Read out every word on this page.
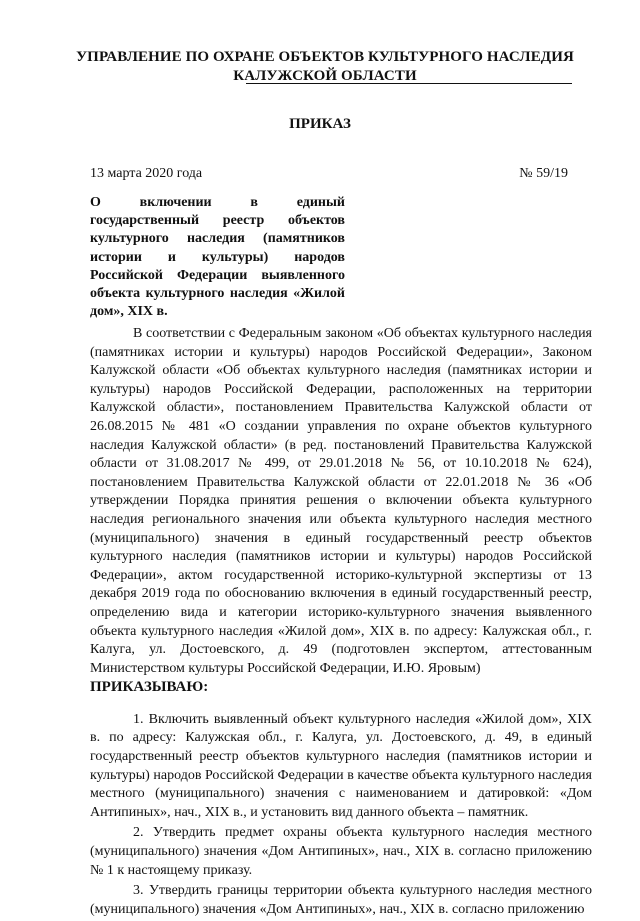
УПРАВЛЕНИЕ ПО ОХРАНЕ ОБЪЕКТОВ КУЛЬТУРНОГО НАСЛЕДИЯ
КАЛУЖСКОЙ ОБЛАСТИ
ПРИКАЗ
13 марта 2020 года	№ 59/19
О включении в единый государственный реестр объектов культурного наследия (памятников истории и культуры) народов Российской Федерации выявленного объекта культурного наследия «Жилой дом», XIX в.

В соответствии с Федеральным законом «Об объектах культурного наследия (памятниках истории и культуры) народов Российской Федерации», Законом Калужской области «Об объектах культурного наследия (памятниках истории и культуры) народов Российской Федерации, расположенных на территории Калужской области», постановлением Правительства Калужской области от 26.08.2015 № 481 «О создании управления по охране объектов культурного наследия Калужской области» (в ред. постановлений Правительства Калужской области от 31.08.2017 № 499, от 29.01.2018 № 56, от 10.10.2018 № 624), постановлением Правительства Калужской области от 22.01.2018 № 36 «Об утверждении Порядка принятия решения о включении объекта культурного наследия регионального значения или объекта культурного наследия местного (муниципального) значения в единый государственный реестр объектов культурного наследия (памятников истории и культуры) народов Российской Федерации», актом государственной историко-культурной экспертизы от 13 декабря 2019 года по обоснованию включения в единый государственный реестр, определению вида и категории историко-культурного значения выявленного объекта культурного наследия «Жилой дом», XIX в. по адресу: Калужская обл., г. Калуга, ул. Достоевского, д. 49 (подготовлен экспертом, аттестованным Министерством культуры Российской Федерации, И.Ю. Яровым)

ПРИКАЗЫВАЮ:

1. Включить выявленный объект культурного наследия «Жилой дом», XIX в. по адресу: Калужская обл., г. Калуга, ул. Достоевского, д. 49, в единый государственный реестр объектов культурного наследия (памятников истории и культуры) народов Российской Федерации в качестве объекта культурного наследия местного (муниципального) значения с наименованием и датировкой: «Дом Антипиных», нач., XIX в., и установить вид данного объекта – памятник.

2. Утвердить предмет охраны объекта культурного наследия местного (муниципального) значения «Дом Антипиных», нач., XIX в. согласно приложению № 1 к настоящему приказу.

3. Утвердить границы территории объекта культурного наследия местного (муниципального) значения «Дом Антипиных», нач., XIX в. согласно приложению
